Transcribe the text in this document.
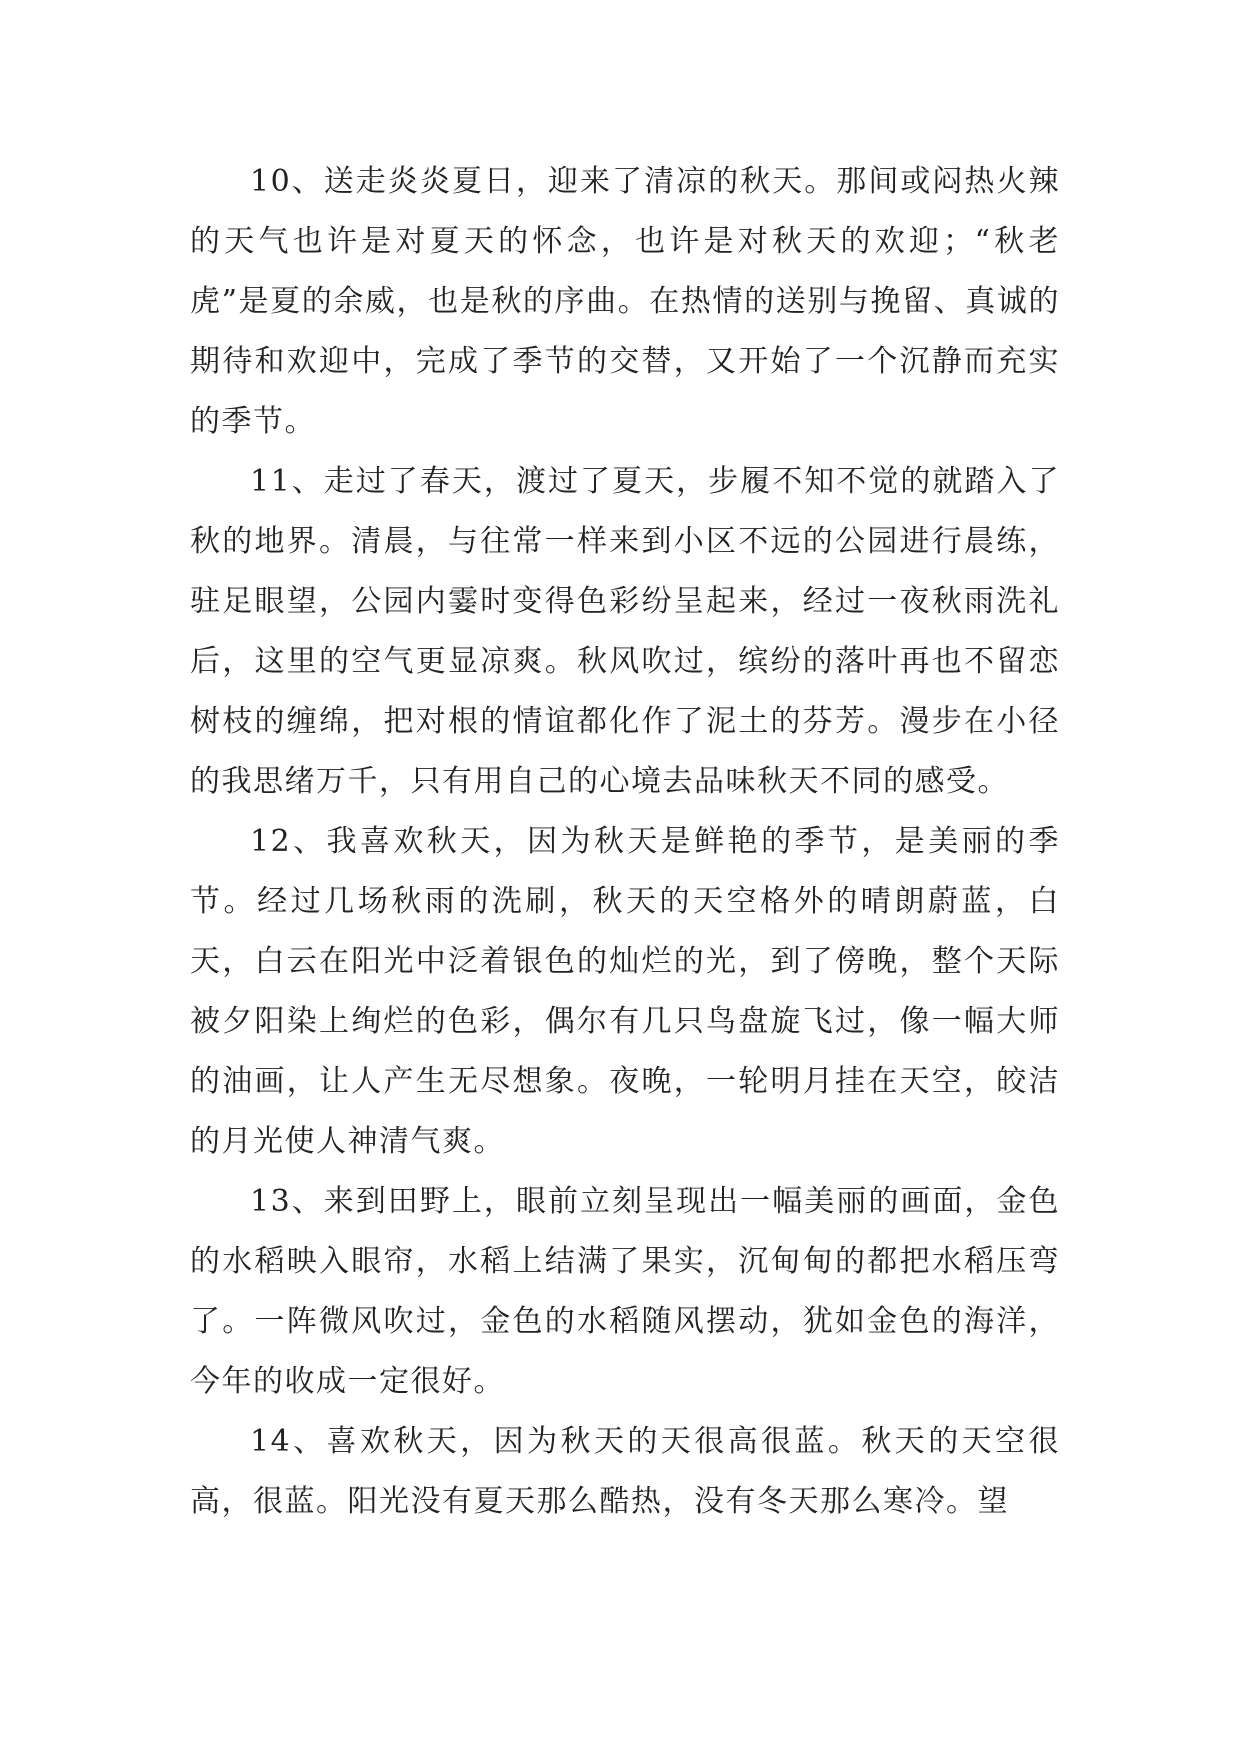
10、送走炎炎夏日，迎来了清凉的秋天。那间或闷热火辣的天气也许是对夏天的怀念，也许是对秋天的欢迎；“秋老虎”是夏的余威，也是秋的序曲。在热情的送别与挽留、真诚的期待和欢迎中，完成了季节的交替，又开始了一个沉静而充实的季节。

11、走过了春天，渡过了夏天，步履不知不觉的就踏入了秋的地界。清晨，与往常一样来到小区不远的公园进行晨练，驻足眼望，公园内霎时变得色彩纷呈起来，经过一夜秋雨洗礼后，这里的空气更显凉爽。秋风吹过，缤纷的落叶再也不留恋树枝的缠绵，把对根的情谊都化作了泥土的芬芳。漫步在小径的我思绪万千，只有用自己的心境去品味秋天不同的感受。

12、我喜欢秋天，因为秋天是鲜艳的季节，是美丽的季节。经过几场秋雨的洗刷，秋天的天空格外的晴朗蔚蓝，白天，白云在阳光中泛着银色的灿烂的光，到了傍晚，整个天际被夕阳染上绚烂的色彩，偶尔有几只鸟盘旋飞过，像一幅大师的油画，让人产生无尽想象。夜晚，一轮明月挂在天空，皎洁的月光使人神清气爽。

13、来到田野上，眼前立刻呈现出一幅美丽的画面，金色的水稻映入眼帘，水稻上结满了果实，沉甸甸的都把水稻压弯了。一阵微风吹过，金色的水稻随风摆动，犹如金色的海洋，今年的收成一定很好。

14、喜欢秋天，因为秋天的天很高很蓝。秋天的天空很高，很蓝。阳光没有夏天那么酷热，没有冬天那么寒冷。望
